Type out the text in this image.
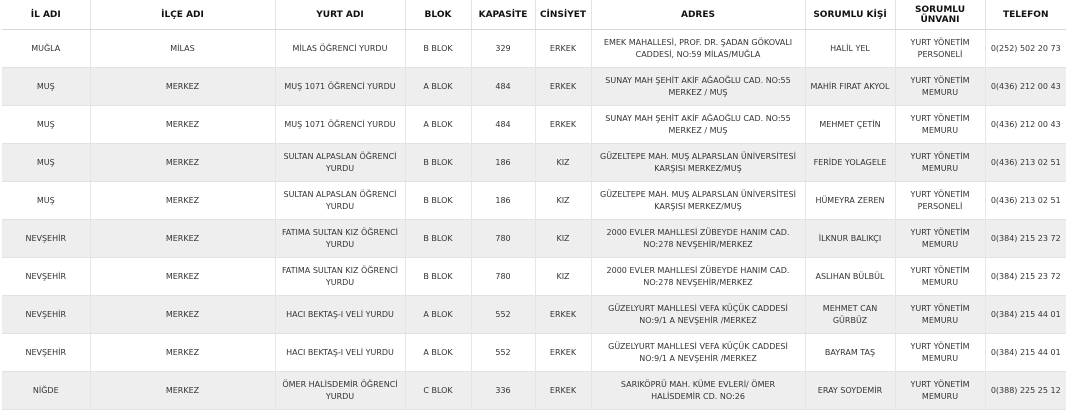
İL ADI	İLÇE ADI	YURT ADI	BLOK	KAPASİTE	CİNSİYET	ADRES	SORUMLU KİŞİ	SORUMLU ÜNVANI	TELEFON
MUĞLA	MİLAS	MİLAS ÖĞRENCİ YURDU	B BLOK	329	ERKEK	EMEK MAHALLESİ, PROF. DR. ŞADAN GÖKOVALI CADDESİ, NO:59 MİLAS/MUĞLA	HALİL YEL	YURT YÖNETİM PERSONELİ	0(252) 502 20 73
MUŞ	MERKEZ	MUŞ 1071 ÖĞRENCİ YURDU	A BLOK	484	ERKEK	SUNAY MAH ŞEHİT AKİF AĞAOĞLU CAD. NO:55 MERKEZ / MUŞ	MAHİR FIRAT AKYOL	YURT YÖNETİM MEMURU	0(436) 212 00 43
MUŞ	MERKEZ	MUŞ 1071 ÖĞRENCİ YURDU	A BLOK	484	ERKEK	SUNAY MAH ŞEHİT AKİF AĞAOĞLU CAD. NO:55 MERKEZ / MUŞ	MEHMET ÇETİN	YURT YÖNETİM MEMURU	0(436) 212 00 43
MUŞ	MERKEZ	SULTAN ALPASLAN ÖĞRENCİ YURDU	B BLOK	186	KIZ	GÜZELTEPE MAH. MUŞ ALPARSLAN ÜNİVERSİTESİ KARŞISI MERKEZ/MUŞ	FERİDE YOLAGELE	YURT YÖNETİM MEMURU	0(436) 213 02 51
MUŞ	MERKEZ	SULTAN ALPASLAN ÖĞRENCİ YURDU	B BLOK	186	KIZ	GÜZELTEPE MAH. MUŞ ALPARSLAN ÜNİVERSİTESİ KARŞISI MERKEZ/MUŞ	HÜMEYRA ZEREN	YURT YÖNETİM PERSONELİ	0(436) 213 02 51
NEVŞEHİR	MERKEZ	FATIMA SULTAN KIZ ÖĞRENCİ YURDU	B BLOK	780	KIZ	2000 EVLER MAHLLESİ ZÜBEYDE HANIM CAD. NO:278 NEVŞEHİR/MERKEZ	İLKNUR BALIKÇI	YURT YÖNETİM MEMURU	0(384) 215 23 72
NEVŞEHİR	MERKEZ	FATIMA SULTAN KIZ ÖĞRENCİ YURDU	B BLOK	780	KIZ	2000 EVLER MAHLLESİ ZÜBEYDE HANIM CAD. NO:278 NEVŞEHİR/MERKEZ	ASLIHAN BÜLBÜL	YURT YÖNETİM MEMURU	0(384) 215 23 72
NEVŞEHİR	MERKEZ	HACI BEKTAŞ-I VELİ YURDU	A BLOK	552	ERKEK	GÜZELYURT MAHLLESİ VEFA KÜÇÜK CADDESİ NO:9/1 A NEVŞEHİR /MERKEZ	MEHMET CAN GÜRBÜZ	YURT YÖNETİM MEMURU	0(384) 215 44 01
NEVŞEHİR	MERKEZ	HACI BEKTAŞ-I VELİ YURDU	A BLOK	552	ERKEK	GÜZELYURT MAHLLESİ VEFA KÜÇÜK CADDESİ NO:9/1 A NEVŞEHİR /MERKEZ	BAYRAM TAŞ	YURT YÖNETİM MEMURU	0(384) 215 44 01
NİĞDE	MERKEZ	ÖMER HALİSDEMİR ÖĞRENCİ YURDU	C BLOK	336	ERKEK	SARIKÖPRÜ MAH. KÜME EVLERİ/ ÖMER HALİSDEMİR CD. NO:26	ERAY SOYDEMİR	YURT YÖNETİM MEMURU	0(388) 225 25 12
